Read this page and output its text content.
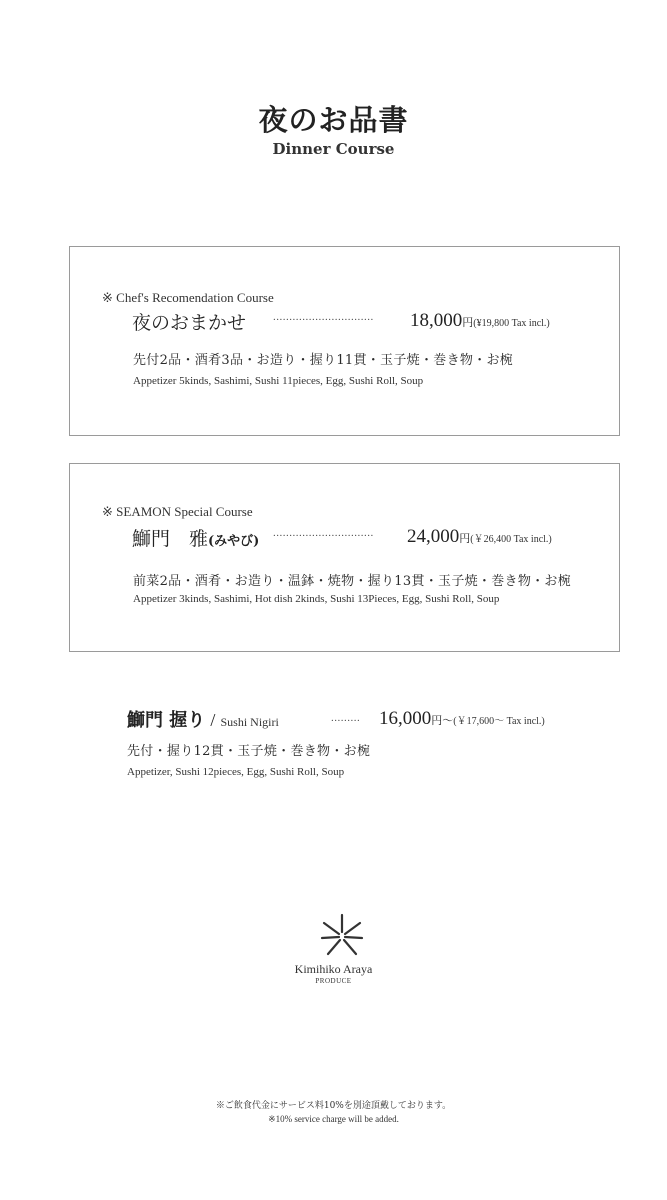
夜のお品書
Dinner Course
※ Chef's Recomendation Course
夜のおまかせ ............................... 18,000円(¥19,800 Tax incl.)
先付2品・酒肴3品・お造り・握り11貫・玉子焼・巻き物・お椀
Appetizer 5kinds, Sashimi, Sushi 11pieces, Egg, Sushi Roll, Soup
※ SEAMON Special Course
鰤門　雅(みやび)
............................... 24,000円(￥26,400 Tax incl.)
前菜2品・酒肴・お造り・温鉢・焼物・握り13貫・玉子焼・巻き物・お椀
Appetizer 3kinds, Sashimi, Hot dish 2kinds, Sushi 13Pieces, Egg, Sushi Roll, Soup
鰤門 握り / Sushi Nigiri	......... 16,000円～(￥17,600～ Tax incl.)
先付・握り12貫・玉子焼・巻き物・お椀
Appetizer, Sushi 12pieces, Egg, Sushi Roll, Soup
Kimihiko Araya
PRODUCE
※ご飲食代金にサービス料10%を別途頂戴しております。
※10% service charge will be added.
